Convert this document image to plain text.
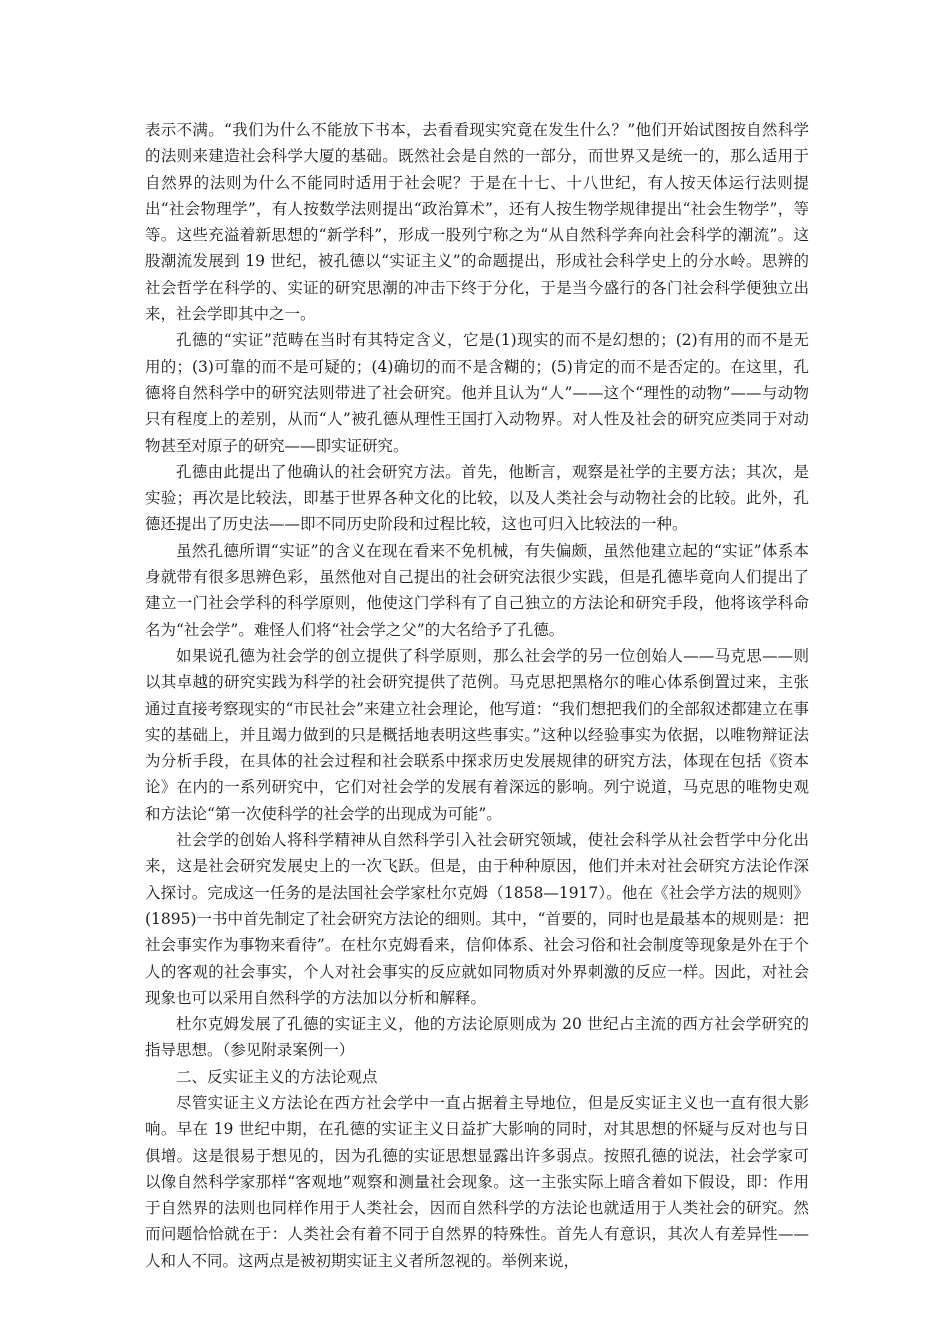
表示不满。“我们为什么不能放下书本，去看看现实究竟在发生什么？”他们开始试图按自然科学的法则来建造社会科学大厦的基础。既然社会是自然的一部分，而世界又是统一的，那么适用于自然界的法则为什么不能同时适用于社会呢？于是在十七、十八世纪，有人按天体运行法则提出“社会物理学”，有人按数学法则提出“政治算术”，还有人按生物学规律提出“社会生物学”，等等。这些充溢着新思想的“新学科”，形成一股列宁称之为“从自然科学奔向社会科学的潮流”。这股潮流发展到 19 世纪，被孔德以“实证主义”的命题提出，形成社会科学史上的分水岭。思辨的社会哲学在科学的、实证的研究思潮的冲击下终于分化，于是当今盛行的各门社会科学便独立出来，社会学即其中之一。

孔德的“实证”范畴在当时有其特定含义，它是(1)现实的而不是幻想的；(2)有用的而不是无用的；(3)可靠的而不是可疑的；(4)确切的而不是含糊的；(5)肯定的而不是否定的。在这里，孔德将自然科学中的研究法则带进了社会研究。他并且认为“人”——这个“理性的动物”——与动物只有程度上的差别，从而“人”被孔德从理性王国打入动物界。对人性及社会的研究应类同于对动物甚至对原子的研究——即实证研究。

孔德由此提出了他确认的社会研究方法。首先，他断言，观察是社学的主要方法；其次，是实验；再次是比较法，即基于世界各种文化的比较，以及人类社会与动物社会的比较。此外，孔德还提出了历史法——即不同历史阶段和过程比较，这也可归入比较法的一种。

虽然孔德所谓“实证”的含义在现在看来不免机械，有失偏颇，虽然他建立起的“实证”体系本身就带有很多思辨色彩，虽然他对自己提出的社会研究法很少实践，但是孔德毕竟向人们提出了建立一门社会学科的科学原则，他使这门学科有了自己独立的方法论和研究手段，他将该学科命名为“社会学”。难怪人们将“社会学之父”的大名给予了孔德。

如果说孔德为社会学的创立提供了科学原则，那么社会学的另一位创始人——马克思——则以其卓越的研究实践为科学的社会研究提供了范例。马克思把黑格尔的唯心体系倒置过来，主张通过直接考察现实的“市民社会”来建立社会理论，他写道：“我们想把我们的全部叙述都建立在事实的基础上，并且竭力做到的只是概括地表明这些事实。”这种以经验事实为依据，以唯物辩证法为分析手段，在具体的社会过程和社会联系中探求历史发展规律的研究方法，体现在包括《资本论》在内的一系列研究中，它们对社会学的发展有着深远的影响。列宁说道，马克思的唯物史观和方法论“第一次使科学的社会学的出现成为可能”。

社会学的创始人将科学精神从自然科学引入社会研究领域，使社会科学从社会哲学中分化出来，这是社会研究发展史上的一次飞跃。但是，由于种种原因，他们并未对社会研究方法论作深入探讨。完成这一任务的是法国社会学家杜尔克姆（1858—1917）。他在《社会学方法的规则》(1895)一书中首先制定了社会研究方法论的细则。其中，“首要的，同时也是最基本的规则是：把社会事实作为事物来看待”。在杜尔克姆看来，信仰体系、社会习俗和社会制度等现象是外在于个人的客观的社会事实，个人对社会事实的反应就如同物质对外界刺激的反应一样。因此，对社会现象也可以采用自然科学的方法加以分析和解释。

杜尔克姆发展了孔德的实证主义，他的方法论原则成为 20 世纪占主流的西方社会学研究的指导思想。（参见附录案例一）

二、反实证主义的方法论观点

尽管实证主义方法论在西方社会学中一直占据着主导地位，但是反实证主义也一直有很大影响。早在 19 世纪中期，在孔德的实证主义日益扩大影响的同时，对其思想的怀疑与反对也与日俱增。这是很易于想见的，因为孔德的实证思想显露出许多弱点。按照孔德的说法，社会学家可以像自然科学家那样“客观地”观察和测量社会现象。这一主张实际上暗含着如下假设，即：作用于自然界的法则也同样作用于人类社会，因而自然科学的方法论也就适用于人类社会的研究。然而问题恰恰就在于：人类社会有着不同于自然界的特殊性。首先人有意识，其次人有差异性——人和人不同。这两点是被初期实证主义者所忽视的。举例来说，
